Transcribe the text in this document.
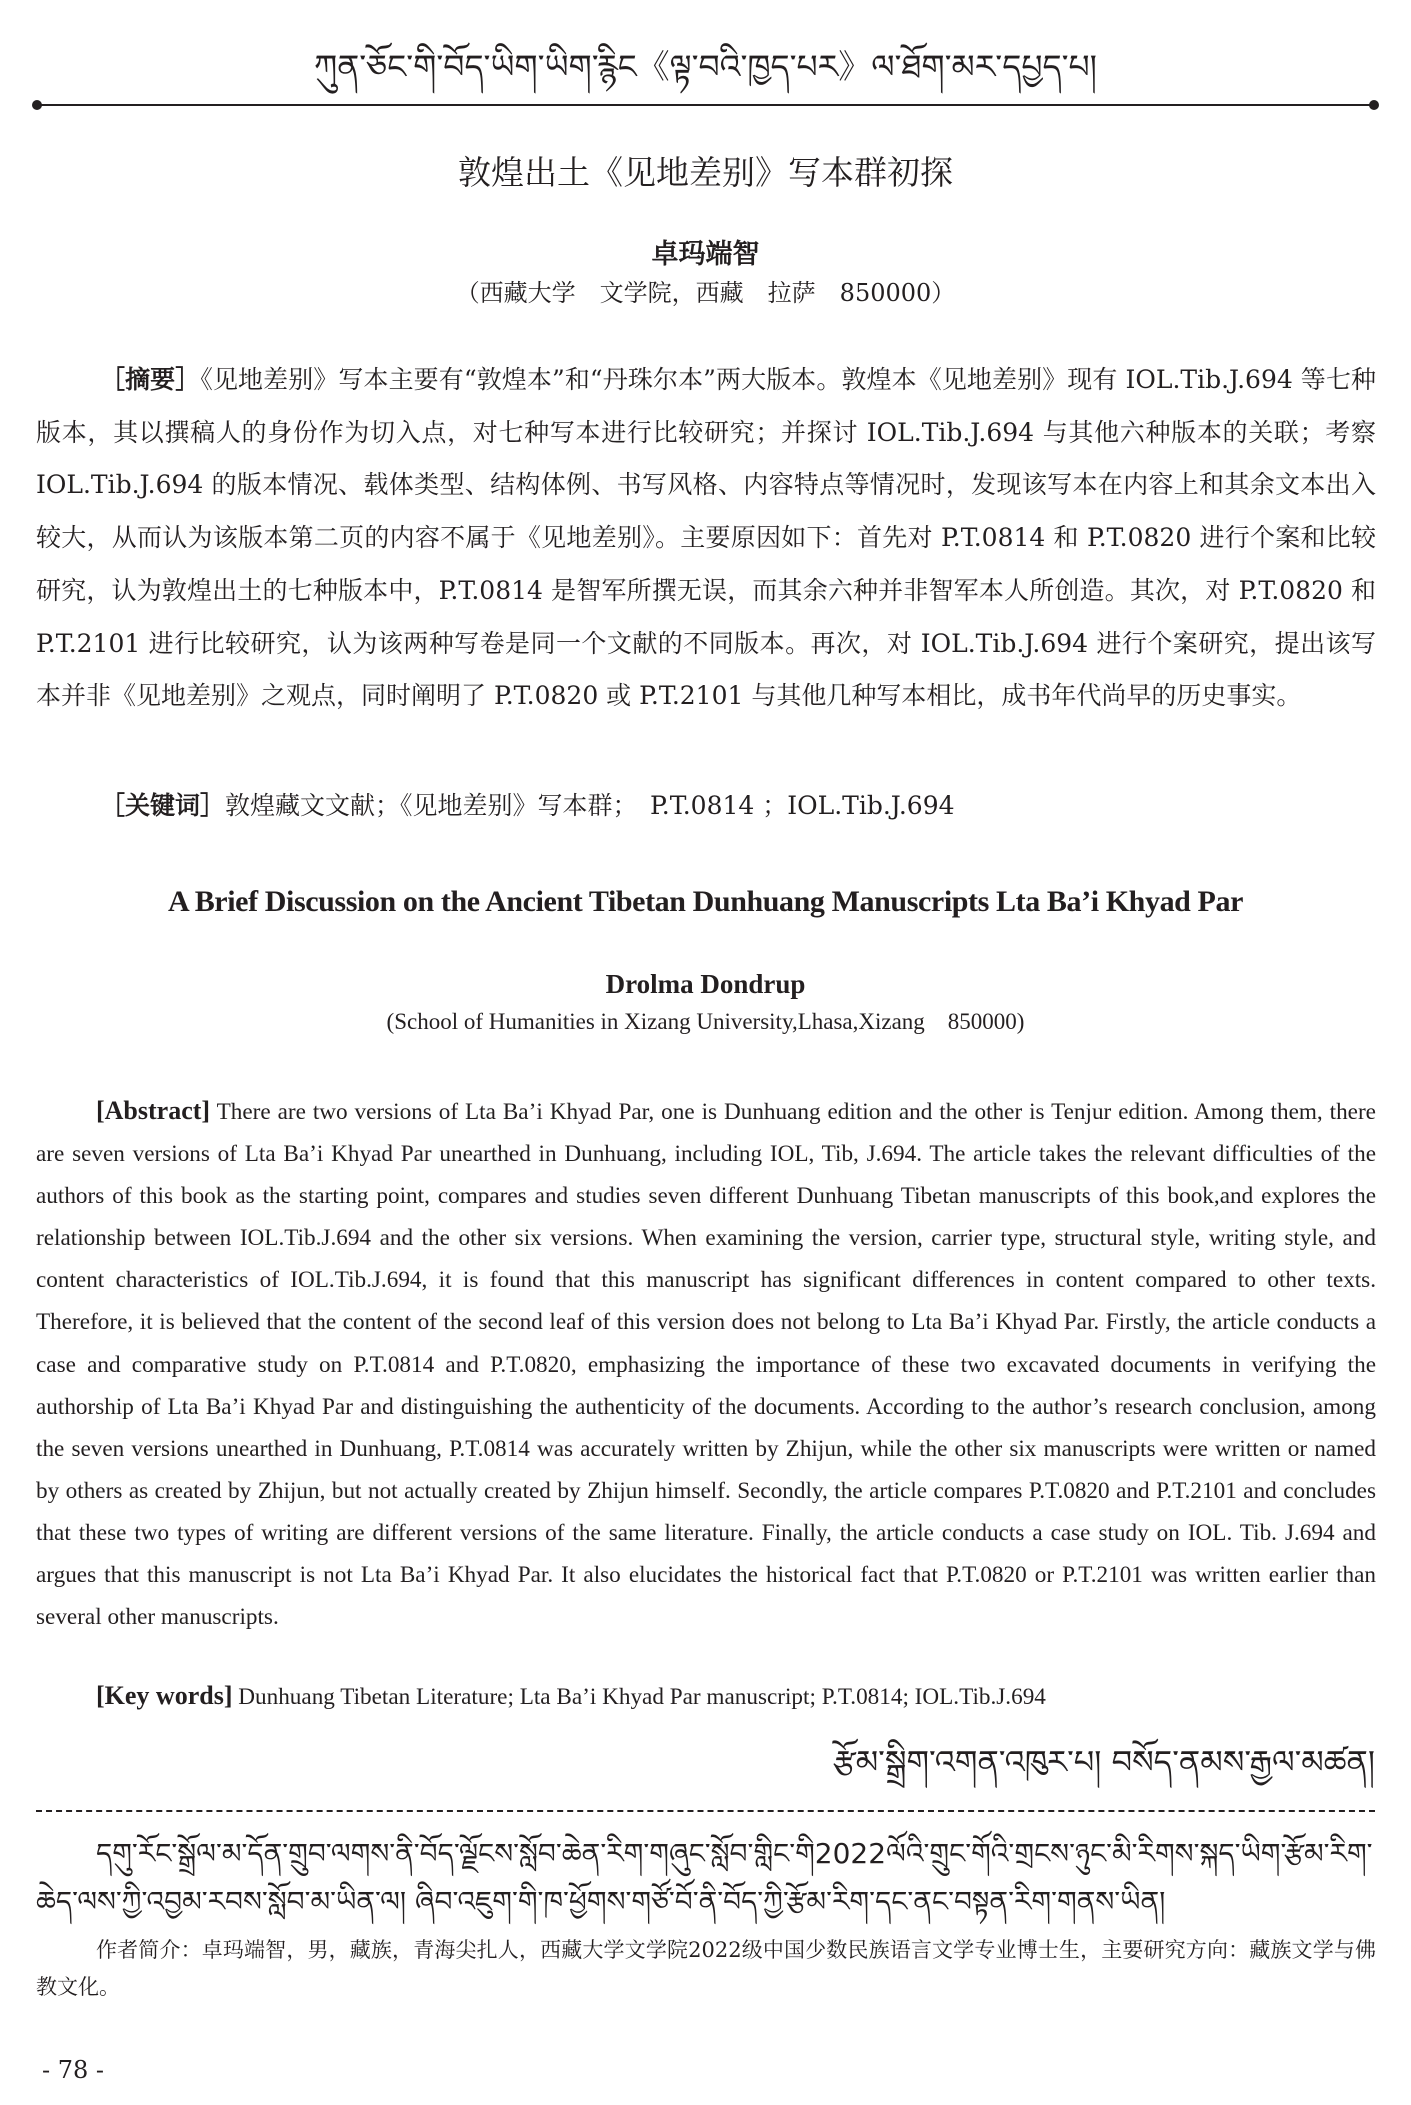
ཀུན་ཅོང་གི་བོད་ཡིག་ཡིག་རྙིང《ལྟ་བའི་ཁྱད་པར》ལ་ཐོག་མར་དཔྱད་པ།
敦煌出土《见地差别》写本群初探
卓玛端智
（西藏大学　文学院，西藏　拉萨　850000）

［摘要］《见地差别》写本主要有“敦煌本”和“丹珠尔本”两大版本。敦煌本《见地差别》现有 IOL.Tib.J.694 等七种版本，其以撰稿人的身份作为切入点，对七种写本进行比较研究；并探讨 IOL.Tib.J.694 与其他六种版本的关联；考察 IOL.Tib.J.694 的版本情况、载体类型、结构体例、书写风格、内容特点等情况时，发现该写本在内容上和其余文本出入较大，从而认为该版本第二页的内容不属于《见地差别》。主要原因如下：首先对 P.T.0814 和 P.T.0820 进行个案和比较研究，认为敦煌出土的七种版本中，P.T.0814 是智军所撰无误，而其余六种并非智军本人所创造。其次，对 P.T.0820 和 P.T.2101 进行比较研究，认为该两种写卷是同一个文献的不同版本。再次，对 IOL.Tib.J.694 进行个案研究，提出该写本并非《见地差别》之观点，同时阐明了 P.T.0820 或 P.T.2101 与其他几种写本相比，成书年代尚早的历史事实。

［关键词］敦煌藏文文献；《见地差别》写本群；　P.T.0814 ；IOL.Tib.J.694

A Brief Discussion on the Ancient Tibetan Dunhuang Manuscripts Lta Ba’i Khyad Par
Drolma Dondrup
(School of Humanities in Xizang University,Lhasa,Xizang　850000)

[Abstract] There are two versions of Lta Ba’i Khyad Par, one is Dunhuang edition and the other is Tenjur edition. Among them, there are seven versions of Lta Ba’i Khyad Par unearthed in Dunhuang, including IOL, Tib, J.694. The article takes the relevant difficulties of the authors of this book as the starting point, compares and studies seven different Dunhuang Tibetan manuscripts of this book,and explores the relationship between IOL.Tib.J.694 and the other six versions. When examining the version, carrier type, structural style, writing style, and content characteristics of IOL.Tib.J.694, it is found that this manuscript has significant differences in content compared to other texts. Therefore, it is believed that the content of the second leaf of this version does not belong to Lta Ba’i Khyad Par. Firstly, the article conducts a case and comparative study on P.T.0814 and P.T.0820, emphasizing the importance of these two excavated documents in verifying the authorship of Lta Ba’i Khyad Par and distinguishing the authenticity of the documents. According to the author’s research conclusion, among the seven versions unearthed in Dunhuang, P.T.0814 was accurately written by Zhijun, while the other six manuscripts were written or named by others as created by Zhijun, but not actually created by Zhijun himself. Secondly, the article compares P.T.0820 and P.T.2101 and concludes that these two types of writing are different versions of the same literature. Finally, the article conducts a case study on IOL. Tib. J.694 and argues that this manuscript is not Lta Ba’i Khyad Par. It also elucidates the historical fact that P.T.0820 or P.T.2101 was written earlier than several other manuscripts.

[Key words] Dunhuang Tibetan Literature; Lta Ba’i Khyad Par manuscript; P.T.0814; IOL.Tib.J.694

རྩོམ་སྒྲིག་འགན་འཁུར་པ། བསོད་ནམས་རྒྱལ་མཚན།

དགུ་རོང་སྒྲོལ་མ་དོན་གྲུབ་ལགས་ནི་བོད་ལྗོངས་སློབ་ཆེན་རིག་གཞུང་སློབ་གླིང་གི2022ལོའི་གྲུང་གོའི་གྲངས་ཉུང་མི་རིགས་སྐད་ཡིག་རྩོམ་རིག་ཆེད་ལས་ཀྱི་འབྱམ་རབས་སློབ་མ་ཡིན་ལ། ཞིབ་འཇུག་གི་ཁ་ཕྱོགས་གཙོ་བོ་ནི་བོད་ཀྱི་རྩོམ་རིག་དང་ནང་བསྟན་རིག་གནས་ཡིན།

作者简介：卓玛端智，男，藏族，青海尖扎人，西藏大学文学院2022级中国少数民族语言文学专业博士生，主要研究方向：藏族文学与佛教文化。

- 78 -
